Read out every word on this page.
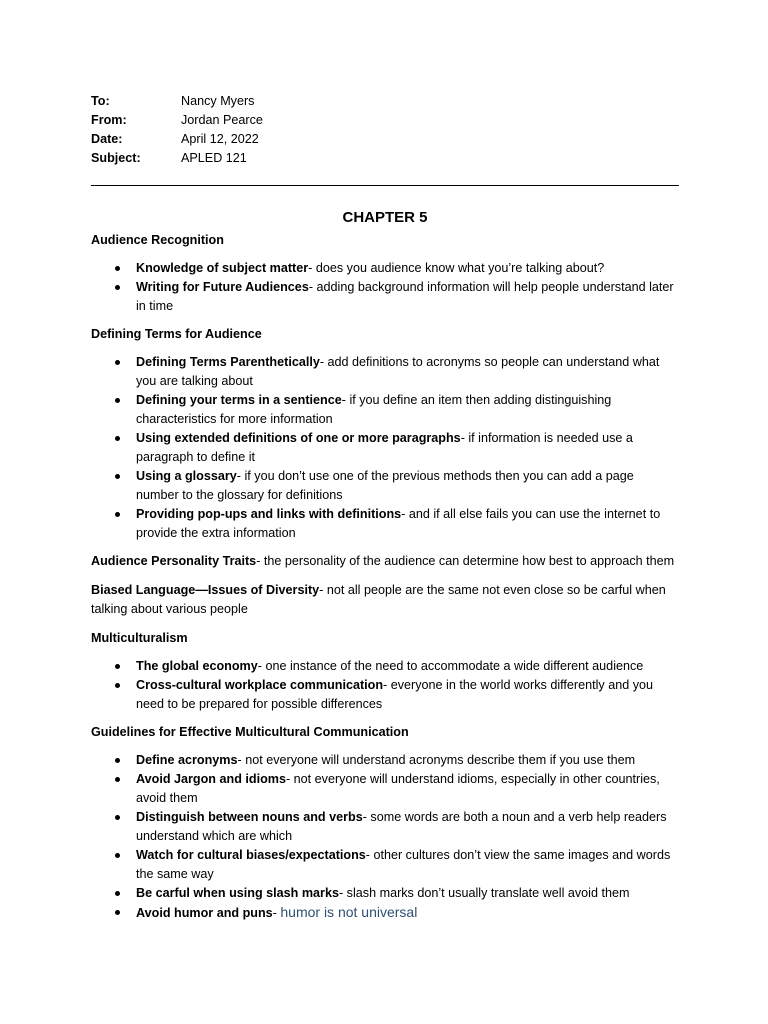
To:	Nancy Myers
From:	Jordan Pearce
Date:	April 12, 2022
Subject:	APLED 121
CHAPTER 5
Audience Recognition
Knowledge of subject matter- does you audience know what you’re talking about?
Writing for Future Audiences- adding background information will help people understand later in time
Defining Terms for Audience
Defining Terms Parenthetically- add definitions to acronyms so people can understand what you are talking about
Defining your terms in a sentience- if you define an item then adding distinguishing characteristics for more information
Using extended definitions of one or more paragraphs- if information is needed use a paragraph to define it
Using a glossary- if you don’t use one of the previous methods then you can add a page number to the glossary for definitions
Providing pop-ups and links with definitions- and if all else fails you can use the internet to provide the extra information
Audience Personality Traits- the personality of the audience can determine how best to approach them
Biased Language—Issues of Diversity- not all people are the same not even close so be carful when talking about various people
Multiculturalism
The global economy- one instance of the need to accommodate a wide different audience
Cross-cultural workplace communication- everyone in the world works differently and you need to be prepared for possible differences
Guidelines for Effective Multicultural Communication
Define acronyms- not everyone will understand acronyms describe them if you use them
Avoid Jargon and idioms- not everyone will understand idioms, especially in other countries, avoid them
Distinguish between nouns and verbs- some words are both a noun and a verb help readers understand which are which
Watch for cultural biases/expectations- other cultures don’t view the same images and words the same way
Be carful when using slash marks- slash marks don’t usually translate well avoid them
Avoid humor and puns- humor is not universal
